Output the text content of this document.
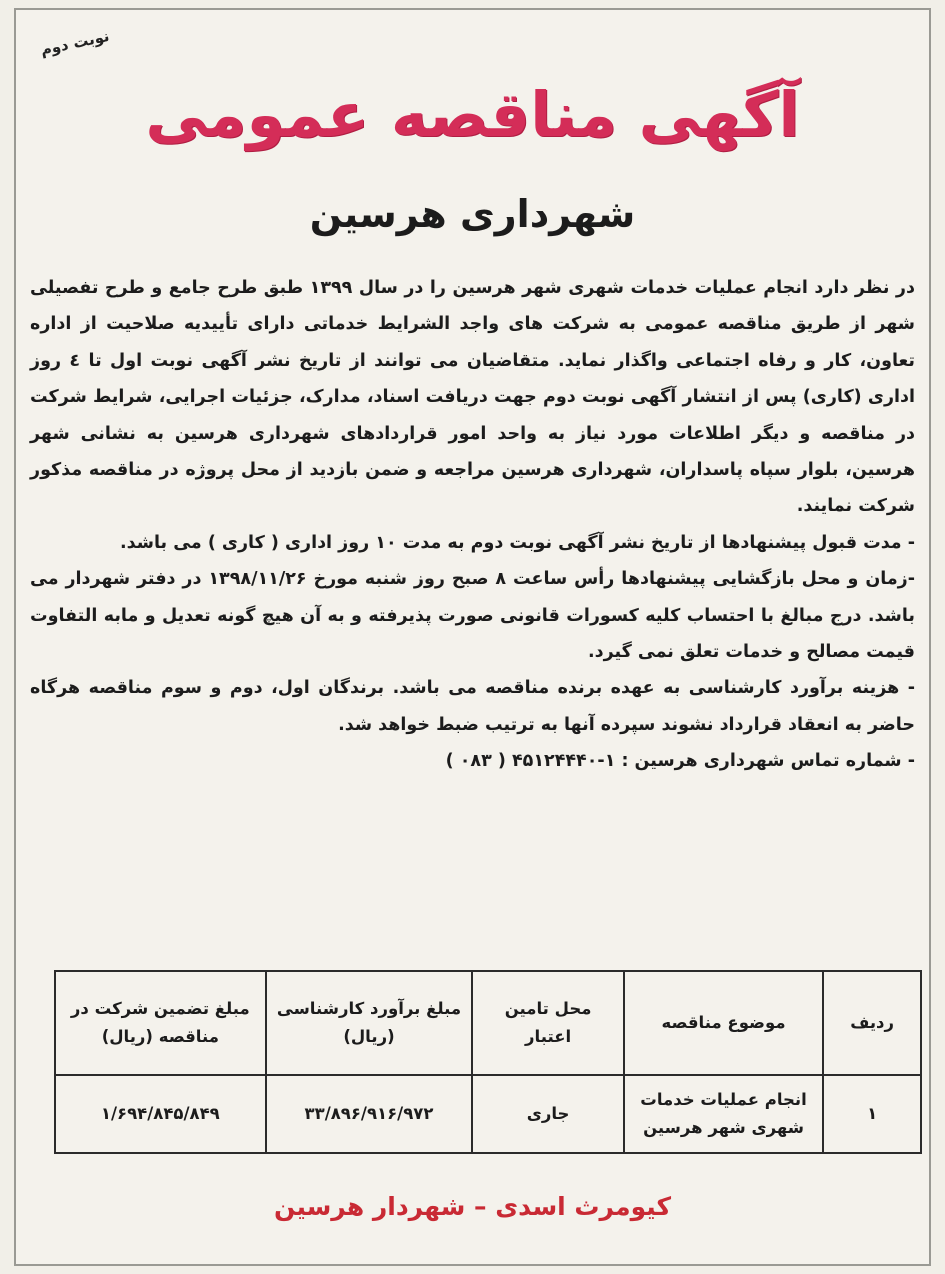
نوبت دوم
آگهی مناقصه عمومی
شهرداری هرسین

در نظر دارد انجام عملیات خدمات شهری شهر هرسین را در سال ۱۳۹۹ طبق طرح جامع و طرح تفصیلی شهر از طریق مناقصه عمومی به شرکت های واجد الشرایط خدماتی دارای تأییدیه صلاحیت از اداره تعاون، کار و رفاه اجتماعی واگذار نماید. متقاضیان می توانند از تاریخ نشر آگهی نوبت اول تا ٤ روز اداری (کاری) پس از انتشار آگهی نوبت دوم جهت دریافت اسناد، مدارک، جزئیات اجرایی، شرایط شرکت در مناقصه و دیگر اطلاعات مورد نیاز به واحد امور قراردادهای شهرداری هرسین به نشانی شهر هرسین، بلوار سپاه پاسداران، شهرداری هرسین مراجعه و ضمن بازدید از محل پروژه در مناقصه مذکور شرکت نمایند.

- مدت قبول پیشنهادها از تاریخ نشر آگهی نوبت دوم به مدت ۱۰ روز اداری ( کاری ) می باشد.

-زمان و محل بازگشایی پیشنهادها رأس ساعت ۸ صبح روز شنبه مورخ ۱۳۹۸/۱۱/۲۶ در دفتر شهردار می باشد. درج مبالغ با احتساب کلیه کسورات قانونی صورت پذیرفته و به آن هیچ گونه تعدیل و مابه التفاوت قیمت مصالح و خدمات تعلق نمی گیرد.

- هزینه برآورد کارشناسی به عهده برنده مناقصه می باشد. برندگان اول، دوم و سوم مناقصه هرگاه حاضر به انعقاد قرارداد نشوند سپرده آنها به ترتیب ضبط خواهد شد.

- شماره تماس شهرداری هرسین : ۱-۴۵۱۲۴۴۴۰ ( ۰۸۳ )

ردیف	موضوع مناقصه	محل تامین اعتبار	مبلغ برآورد کارشناسی (ریال)	مبلغ تضمین شرکت در مناقصه (ریال)
۱	انجام عملیات خدمات شهری شهر هرسین	جاری	۳۳/۸۹۶/۹۱۶/۹۷۲	۱/۶۹۴/۸۴۵/۸۴۹
کیومرث اسدی – شهردار هرسین
